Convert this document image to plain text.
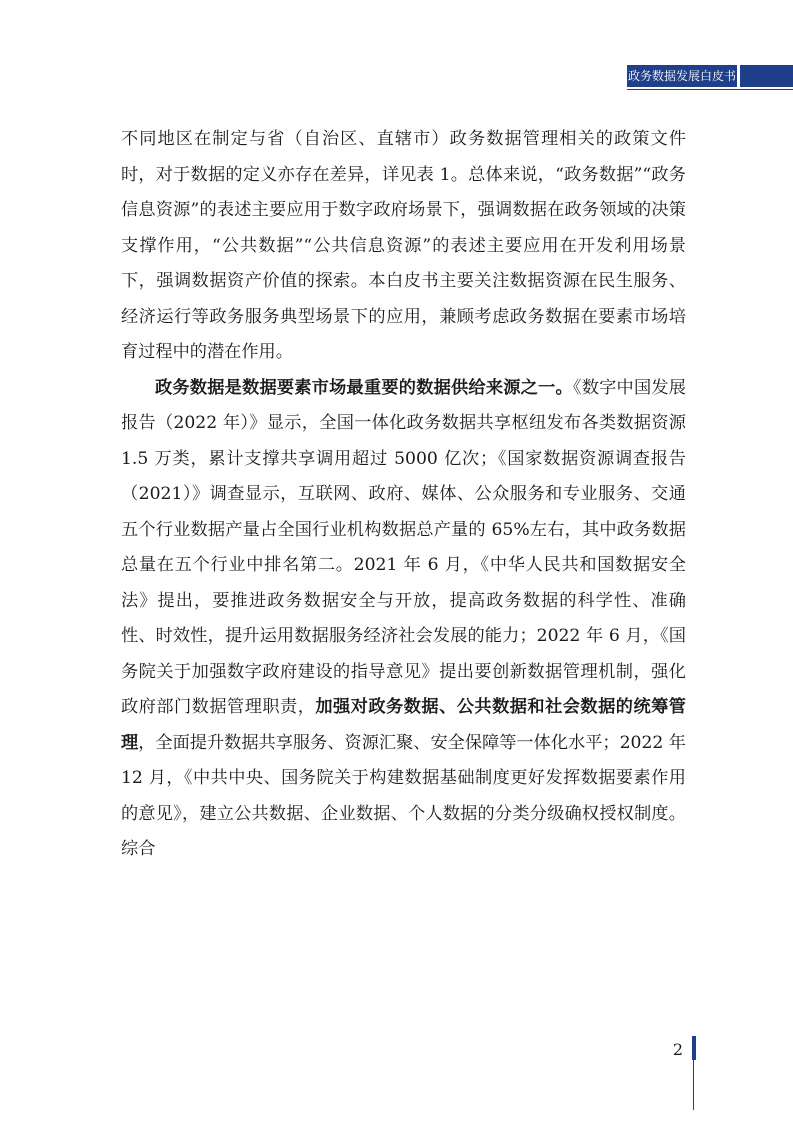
政务数据发展白皮书

不同地区在制定与省（自治区、直辖市）政务数据管理相关的政策文件时，对于数据的定义亦存在差异，详见表 1。总体来说，“政务数据”“政务信息资源”的表述主要应用于数字政府场景下，强调数据在政务领域的决策支撑作用，“公共数据”“公共信息资源”的表述主要应用在开发利用场景下，强调数据资产价值的探索。本白皮书主要关注数据资源在民生服务、经济运行等政务服务典型场景下的应用，兼顾考虑政务数据在要素市场培育过程中的潜在作用。

政务数据是数据要素市场最重要的数据供给来源之一。《数字中国发展报告（2022 年）》显示，全国一体化政务数据共享枢纽发布各类数据资源 1.5 万类，累计支撑共享调用超过 5000 亿次；《国家数据资源调查报告（2021）》调查显示，互联网、政府、媒体、公众服务和专业服务、交通五个行业数据产量占全国行业机构数据总产量的 65%左右，其中政务数据总量在五个行业中排名第二。2021 年 6 月，《中华人民共和国数据安全法》提出，要推进政务数据安全与开放，提高政务数据的科学性、准确性、时效性，提升运用数据服务经济社会发展的能力；2022 年 6 月，《国务院关于加强数字政府建设的指导意见》提出要创新数据管理机制，强化政府部门数据管理职责，加强对政务数据、公共数据和社会数据的统筹管理，全面提升数据共享服务、资源汇聚、安全保障等一体化水平；2022 年 12 月，《中共中央、国务院关于构建数据基础制度更好发挥数据要素作用的意见》，建立公共数据、企业数据、个人数据的分类分级确权授权制度。综合

2
